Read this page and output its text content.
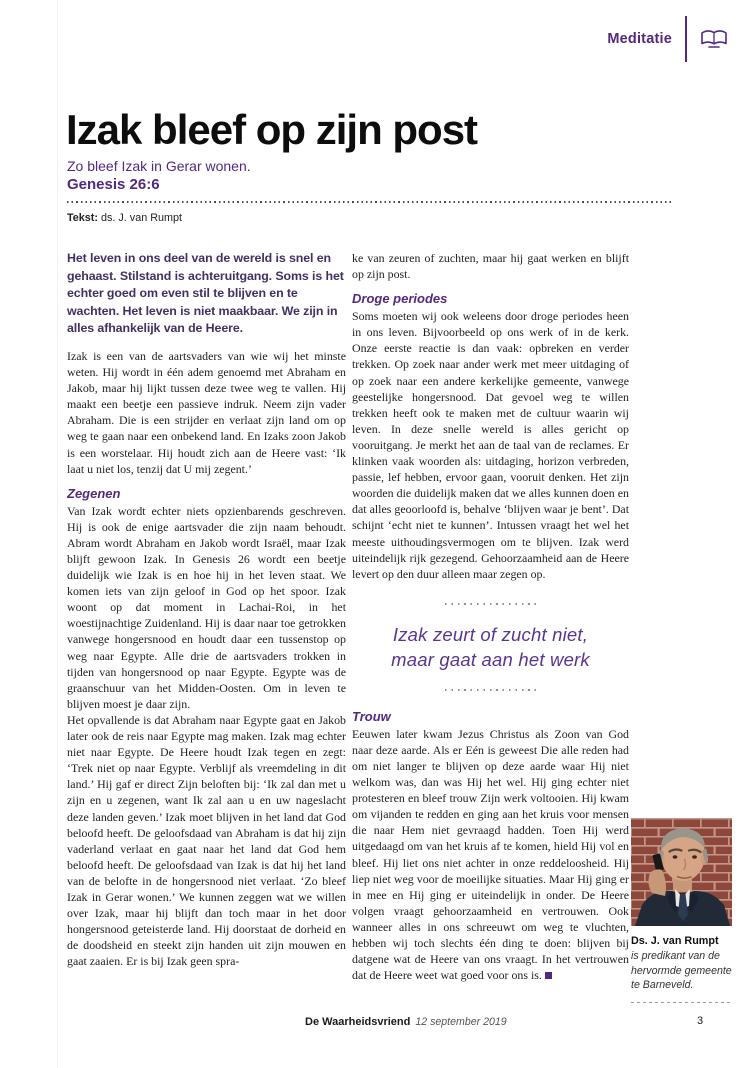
Meditatie
Izak bleef op zijn post
Zo bleef Izak in Gerar wonen.
Genesis 26:6
Tekst: ds. J. van Rumpt

Het leven in ons deel van de wereld is snel en gehaast. Stilstand is achteruitgang. Soms is het echter goed om even stil te blijven en te wachten. Het leven is niet maakbaar. We zijn in alles afhankelijk van de Heere.

Izak is een van de aartsvaders van wie wij het minste weten. Hij wordt in één adem genoemd met Abraham en Jakob, maar hij lijkt tussen deze twee weg te vallen. Hij maakt een beetje een passieve indruk. Neem zijn vader Abraham. Die is een strijder en verlaat zijn land om op weg te gaan naar een onbekend land. En Izaks zoon Jakob is een worstelaar. Hij houdt zich aan de Heere vast: ‘Ik laat u niet los, tenzij dat U mij zegent.’

Zegenen

Van Izak wordt echter niets opzienbarends geschreven. Hij is ook de enige aartsvader die zijn naam behoudt. Abram wordt Abraham en Jakob wordt Israël, maar Izak blijft gewoon Izak. In Genesis 26 wordt een beetje duidelijk wie Izak is en hoe hij in het leven staat. We komen iets van zijn geloof in God op het spoor. Izak woont op dat moment in Lachai-Roi, in het woestijnachtige Zuidenland. Hij is daar naar toe getrokken vanwege hongersnood en houdt daar een tussenstop op weg naar Egypte. Alle drie de aartsvaders trokken in tijden van hongersnood op naar Egypte. Egypte was de graanschuur van het Midden-Oosten. Om in leven te blijven moest je daar zijn.

Het opvallende is dat Abraham naar Egypte gaat en Jakob later ook de reis naar Egypte mag maken. Izak mag echter niet naar Egypte. De Heere houdt Izak tegen en zegt: ‘Trek niet op naar Egypte. Verblijf als vreemdeling in dit land.’ Hij gaf er direct Zijn beloften bij: ‘Ik zal dan met u zijn en u zegenen, want Ik zal aan u en uw nageslacht deze landen geven.’ Izak moet blijven in het land dat God beloofd heeft. De geloofsdaad van Abraham is dat hij zijn vaderland verlaat en gaat naar het land dat God hem beloofd heeft. De geloofsdaad van Izak is dat hij het land van de belofte in de hongersnood niet verlaat. ‘Zo bleef Izak in Gerar wonen.’ We kunnen zeggen wat we willen over Izak, maar hij blijft dan toch maar in het door hongersnood geteisterde land. Hij doorstaat de dorheid en de doodsheid en steekt zijn handen uit zijn mouwen en gaat zaaien. Er is bij Izak geen spra-

ke van zeuren of zuchten, maar hij gaat werken en blijft op zijn post.

Droge periodes

Soms moeten wij ook weleens door droge periodes heen in ons leven. Bijvoorbeeld op ons werk of in de kerk. Onze eerste reactie is dan vaak: opbreken en verder trekken. Op zoek naar ander werk met meer uitdaging of op zoek naar een andere kerkelijke gemeente, vanwege geestelijke hongersnood. Dat gevoel weg te willen trekken heeft ook te maken met de cultuur waarin wij leven. In deze snelle wereld is alles gericht op vooruitgang. Je merkt het aan de taal van de reclames. Er klinken vaak woorden als: uitdaging, horizon verbreden, passie, lef hebben, ervoor gaan, vooruit denken. Het zijn woorden die duidelijk maken dat we alles kunnen doen en dat alles geoorloofd is, behalve ‘blijven waar je bent’. Dat schijnt ‘echt niet te kunnen’. Intussen vraagt het wel het meeste uithoudingsvermogen om te blijven. Izak werd uiteindelijk rijk gezegend. Gehoorzaamheid aan de Heere levert op den duur alleen maar zegen op.

Izak zeurt of zucht niet,
maar gaat aan het werk
Trouw

Eeuwen later kwam Jezus Christus als Zoon van God naar deze aarde. Als er Eén is geweest Die alle reden had om niet langer te blijven op deze aarde waar Hij niet welkom was, dan was Hij het wel. Hij ging echter niet protesteren en bleef trouw Zijn werk voltooien. Hij kwam om vijanden te redden en ging aan het kruis voor mensen die naar Hem niet gevraagd hadden. Toen Hij werd uitgedaagd om van het kruis af te komen, hield Hij vol en bleef. Hij liet ons niet achter in onze reddeloosheid. Hij liep niet weg voor de moeilijke situaties. Maar Hij ging er in mee en Hij ging er uiteindelijk in onder. De Heere volgen vraagt gehoorzaamheid en vertrouwen. Ook wanneer alles in ons schreeuwt om weg te vluchten, hebben wij toch slechts één ding te doen: blijven bij datgene wat de Heere van ons vraagt. In het vertrouwen dat de Heere weet wat goed voor ons is.

Ds. J. van Rumpt
is predikant van de hervormde gemeente te Barneveld.
De Waarheidsvriend 12 september 2019	3
